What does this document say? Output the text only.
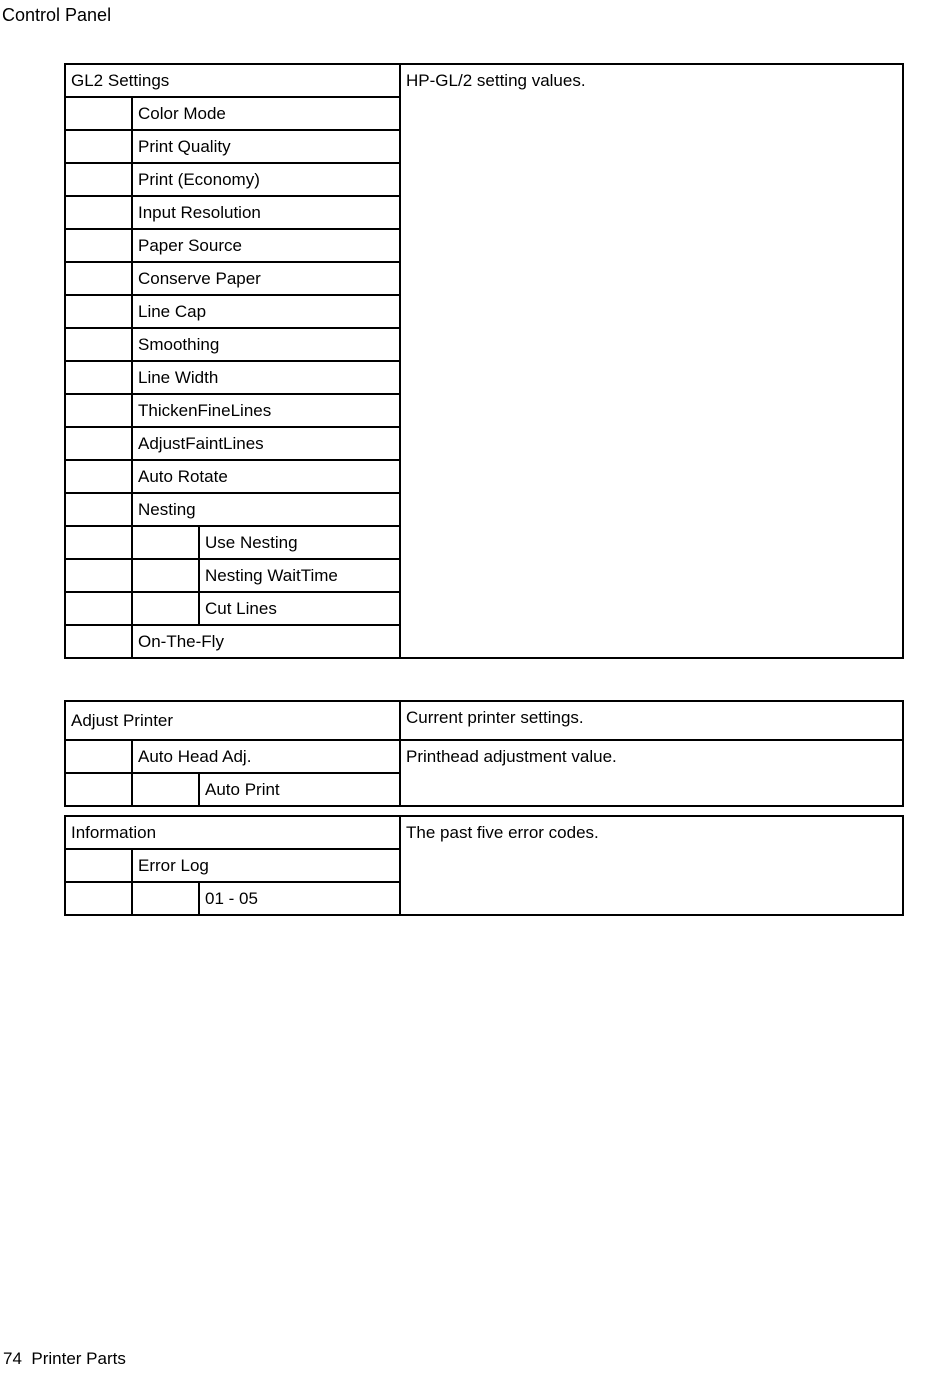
Control Panel
GL2 Settings			HP-GL/2 setting values.
	Color Mode		
	Print Quality		
	Print (Economy)		
	Input Resolution		
	Paper Source		
	Conserve Paper		
	Line Cap		
	Smoothing		
	Line Width		
	ThickenFineLines		
	AdjustFaintLines		
	Auto Rotate		
	Nesting		
		Use Nesting	
		Nesting WaitTime	
		Cut Lines	
	On-The-Fly		
Adjust Printer			Current printer settings.
	Auto Head Adj.		Printhead adjustment value.
		Auto Print	
Information			The past five error codes.
	Error Log		
		01 - 05	
74 Printer Parts
